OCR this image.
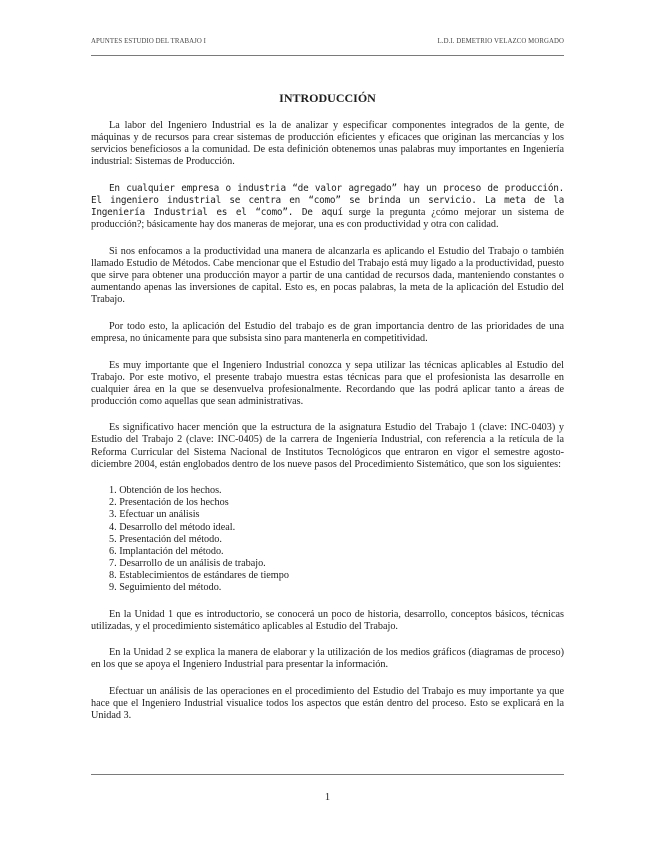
APUNTES ESTUDIO DEL TRABAJO I	L.D.I. DEMETRIO VELAZCO MORGADO
INTRODUCCIÓN

La labor del Ingeniero Industrial es la de analizar y especificar componentes integrados de la gente, de máquinas y de recursos para crear sistemas de producción eficientes y eficaces que originan las mercancías y los servicios beneficiosos a la comunidad. De esta definición obtenemos unas palabras muy importantes en Ingeniería industrial: Sistemas de Producción.

En cualquier empresa o industria “de valor agregado” hay un proceso de producción. El ingeniero industrial se centra en “como” se brinda un servicio. La meta de la Ingeniería Industrial es el “como”. De aquí surge la pregunta ¿cómo mejorar un sistema de producción?; básicamente hay dos maneras de mejorar, una es con productividad y otra con calidad.

Si nos enfocamos a la productividad una manera de alcanzarla es aplicando el Estudio del Trabajo o también llamado Estudio de Métodos. Cabe mencionar que el Estudio del Trabajo está muy ligado a la productividad, puesto que sirve para obtener una producción mayor a partir de una cantidad de recursos dada, manteniendo constantes o aumentando apenas las inversiones de capital. Esto es, en pocas palabras, la meta de la aplicación del Estudio del Trabajo.

Por todo esto, la aplicación del Estudio del trabajo es de gran importancia dentro de las prioridades de una empresa, no únicamente para que subsista sino para mantenerla en competitividad.

Es muy importante que el Ingeniero Industrial conozca y sepa utilizar las técnicas aplicables al Estudio del Trabajo. Por este motivo, el presente trabajo muestra estas técnicas para que el profesionista las desarrolle en cualquier área en la que se desenvuelva profesionalmente. Recordando que las podrá aplicar tanto a áreas de producción como aquellas que sean administrativas.

Es significativo hacer mención que la estructura de la asignatura Estudio del Trabajo 1 (clave: INC-0403) y Estudio del Trabajo 2 (clave: INC-0405) de la carrera de Ingeniería Industrial, con referencia a la retícula de la Reforma Curricular del Sistema Nacional de Institutos Tecnológicos que entraron en vigor el semestre agosto-diciembre 2004, están englobados dentro de los nueve pasos del Procedimiento Sistemático, que son los siguientes:

1. Obtención de los hechos.
2. Presentación de los hechos
3. Efectuar un análisis
4. Desarrollo del método ideal.
5. Presentación del método.
6. Implantación del método.
7. Desarrollo de un análisis de trabajo.
8. Establecimientos de estándares de tiempo
9. Seguimiento del método.

En la Unidad 1 que es introductorio, se conocerá un poco de historia, desarrollo, conceptos básicos, técnicas utilizadas, y el procedimiento sistemático aplicables al Estudio del Trabajo.

En la Unidad 2 se explica la manera de elaborar y la utilización de los medios gráficos (diagramas de proceso) en los que se apoya el Ingeniero Industrial para presentar la información.

Efectuar un análisis de las operaciones en el procedimiento del Estudio del Trabajo es muy importante ya que hace que el Ingeniero Industrial visualice todos los aspectos que están dentro del proceso. Esto se explicará en la Unidad 3.

1
